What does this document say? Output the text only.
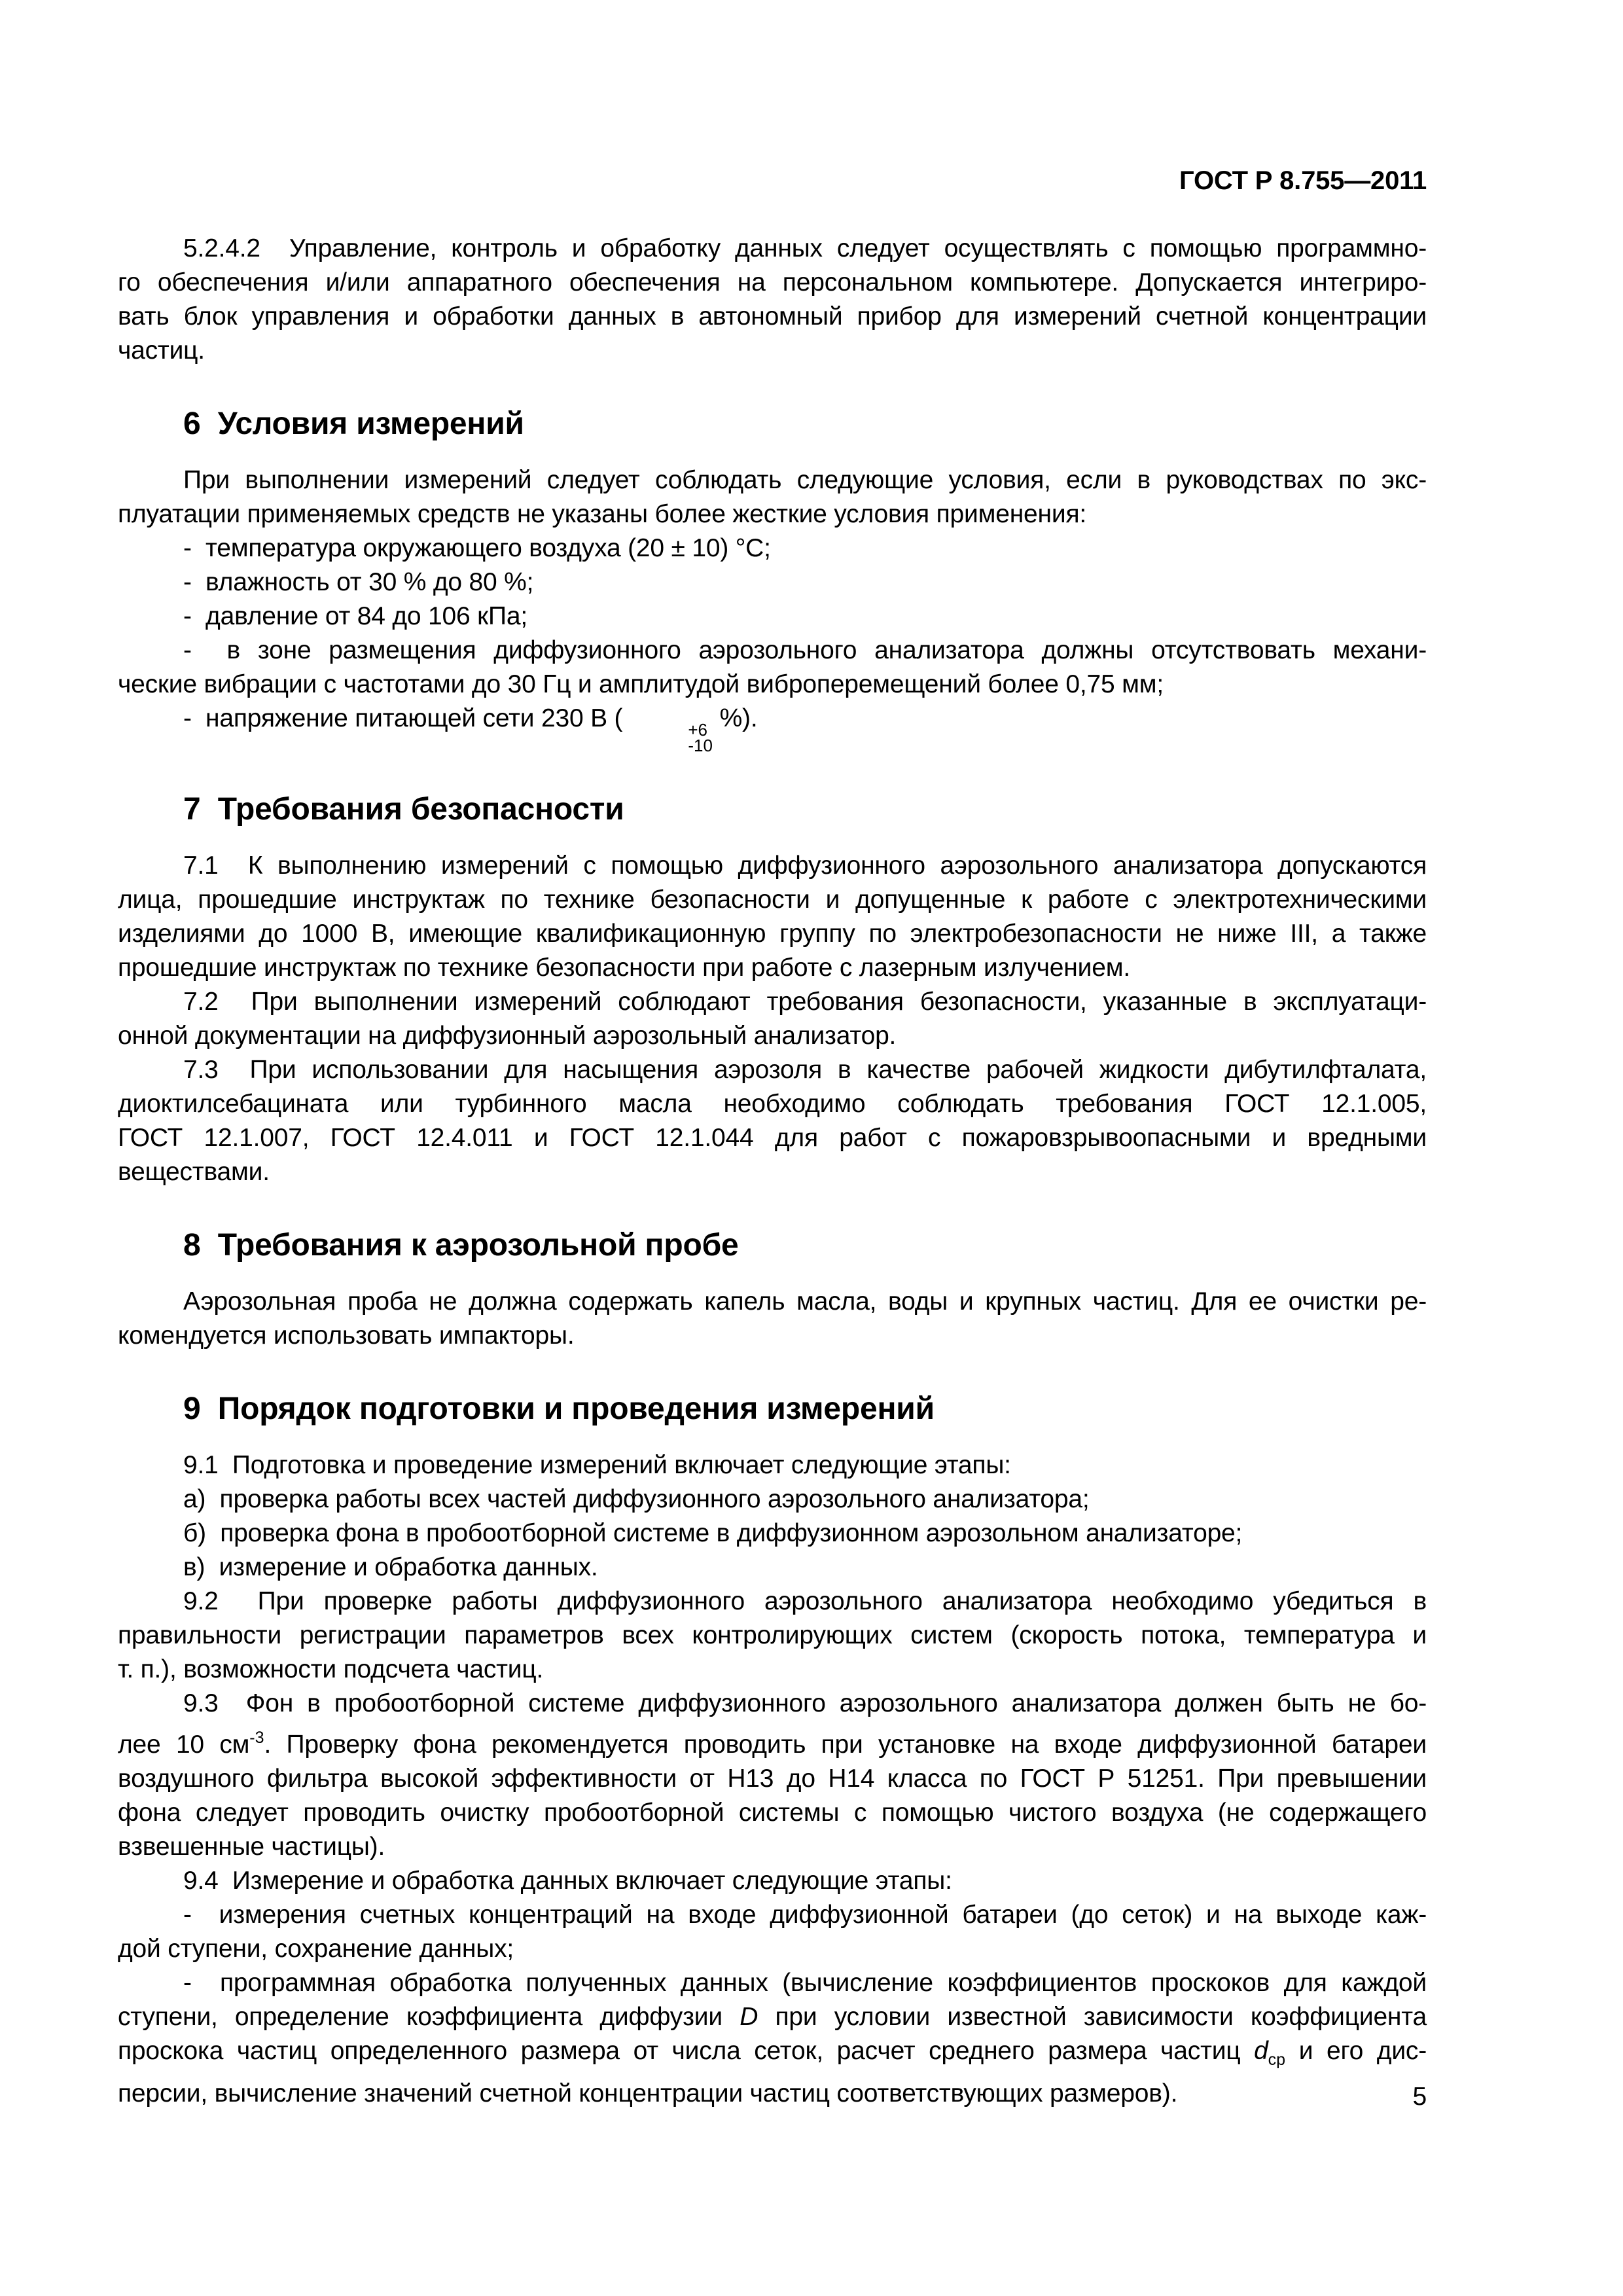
ГОСТ Р 8.755—2011
5.2.4.2  Управление, контроль и обработку данных следует осуществлять с помощью программно-
го обеспечения и/или аппаратного обеспечения на персональном компьютере. Допускается интегриро-
вать блок управления и обработки данных в автономный прибор для измерений счетной концентрации
частиц.
6  Условия измерений
При выполнении измерений следует соблюдать следующие условия, если в руководствах по экс-
плуатации применяемых средств не указаны более жесткие условия применения:
-  температура окружающего воздуха (20 ± 10) °С;
-  влажность от 30 % до 80 %;
-  давление от 84 до 106 кПа;
-  в зоне размещения диффузионного аэрозольного анализатора должны отсутствовать механи-
ческие вибрации с частотами до 30 Гц и амплитудой виброперемещений более 0,75 мм;
-  напряжение питающей сети 230 В (	+6
-10
%).
7  Требования безопасности
7.1  К выполнению измерений с помощью диффузионного аэрозольного анализатора допускаются
лица, прошедшие инструктаж по технике безопасности и допущенные к работе с электротехническими
изделиями до 1000 В, имеющие квалификационную группу по электробезопасности не ниже III, а также
прошедшие инструктаж по технике безопасности при работе с лазерным излучением.
7.2  При выполнении измерений соблюдают требования безопасности, указанные в эксплуатаци-
онной документации на диффузионный аэрозольный анализатор.
7.3  При использовании для насыщения аэрозоля в качестве рабочей жидкости дибутилфталата,
диоктилсебацината или турбинного масла необходимо соблюдать требования ГОСТ 12.1.005,
ГОСТ 12.1.007, ГОСТ 12.4.011 и ГОСТ 12.1.044 для работ с пожаровзрывоопасными и вредными
веществами.
8  Требования к аэрозольной пробе
Аэрозольная проба не должна содержать капель масла, воды и крупных частиц. Для ее очистки ре-
комендуется использовать импакторы.
9  Порядок подготовки и проведения измерений
9.1  Подготовка и проведение измерений включает следующие этапы:
а)  проверка работы всех частей диффузионного аэрозольного анализатора;
б)  проверка фона в пробоотборной системе в диффузионном аэрозольном анализаторе;
в)  измерение и обработка данных.
9.2  При проверке работы диффузионного аэрозольного анализатора необходимо убедиться в
правильности регистрации параметров всех контролирующих систем (скорость потока, температура и
т. п.), возможности подсчета частиц.
9.3  Фон в пробоотборной системе диффузионного аэрозольного анализатора должен быть не бо-
лее 10 $см^{-3}$. Проверку фона рекомендуется проводить при установке на входе диффузионной батареи
воздушного фильтра высокой эффективности от Н13 до Н14 класса по ГОСТ Р 51251. При превышении
фона следует проводить очистку пробоотборной системы с помощью чистого воздуха (не содержащего
взвешенные частицы).
9.4  Измерение и обработка данных включает следующие этапы:
-  измерения счетных концентраций на входе диффузионной батареи (до сеток) и на выходе каж-
дой ступени, сохранение данных;
-  программная обработка полученных данных (вычисление коэффициентов проскоков для каждой
ступени, определение коэффициента диффузии D при условии известной зависимости коэффициента
проскока частиц определенного размера от числа сеток, расчет среднего размера частиц $d_{ср}$ и его дис-
персии, вычисление значений счетной концентрации частиц соответствующих размеров).	5
